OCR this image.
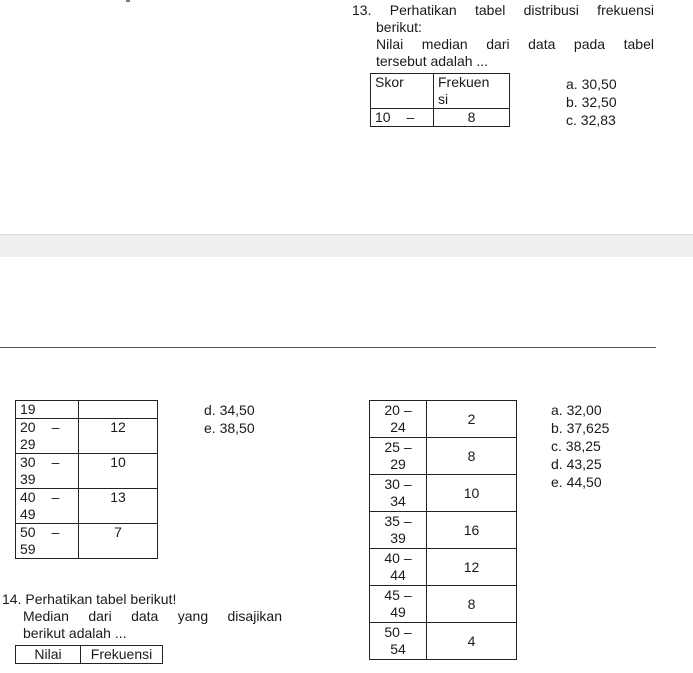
13. Perhatikan tabel distribusi frekuensi
berikut:
Nilai median dari data pada tabel
tersebut adalah ...
Skor	Frekuen
si

10 –	8
a. 30,50
b. 32,50
c. 32,83
19	

20 –
29	12

30 –
39	10

40 –
49	13

50 –
59	7
d. 34,50
e. 38,50
14. Perhatikan tabel berikut!
Median dari data yang disajikan
berikut adalah ...
Nilai	Frekuensi
20 –
24	2

25 –
29	8

30 –
34	10

35 –
39	16

40 –
44	12

45 –
49	8

50 –
54	4
a. 32,00
b. 37,625
c. 38,25
d. 43,25
e. 44,50
